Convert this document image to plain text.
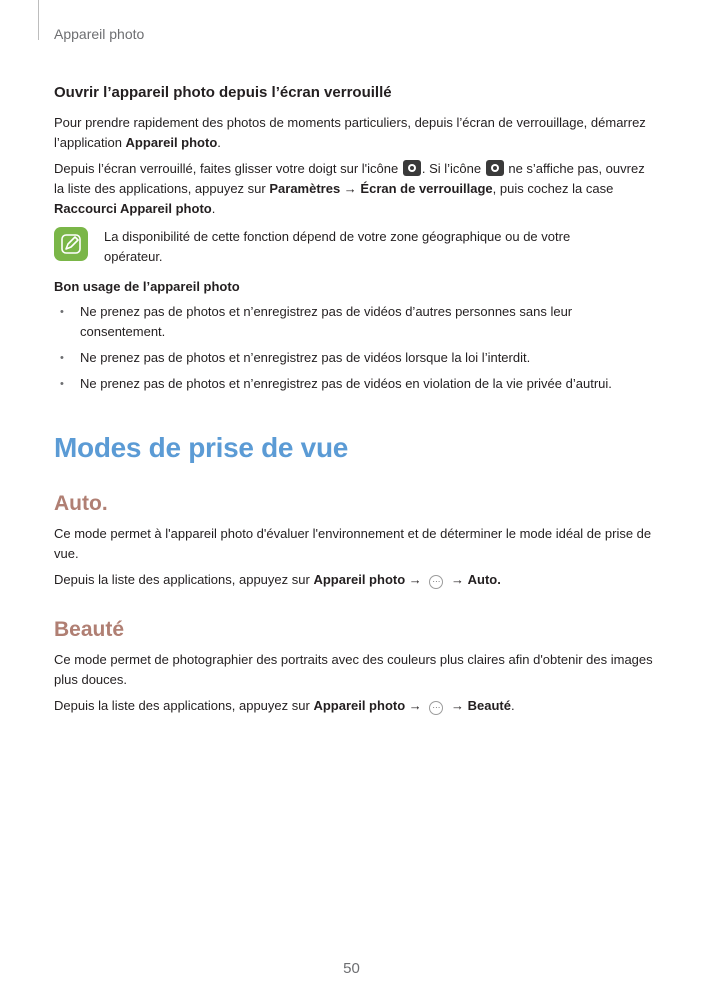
Appareil photo
Ouvrir l’appareil photo depuis l’écran verrouillé

Pour prendre rapidement des photos de moments particuliers, depuis l’écran de verrouillage, démarrez l’application Appareil photo.

Depuis l’écran verrouillé, faites glisser votre doigt sur l'icône . Si l’icône  ne s’affiche pas, ouvrez la liste des applications, appuyez sur Paramètres → Écran de verrouillage, puis cochez la case Raccourci Appareil photo.

La disponibilité de cette fonction dépend de votre zone géographique ou de votre opérateur.
Bon usage de l’appareil photo
• Ne prenez pas de photos et n’enregistrez pas de vidéos d’autres personnes sans leur consentement.
• Ne prenez pas de photos et n’enregistrez pas de vidéos lorsque la loi l’interdit.
• Ne prenez pas de photos et n’enregistrez pas de vidéos en violation de la vie privée d’autrui.
Modes de prise de vue
Auto.

Ce mode permet à l'appareil photo d'évaluer l'environnement et de déterminer le mode idéal de prise de vue.

Depuis la liste des applications, appuyez sur Appareil photo → ··· → Auto.

Beauté

Ce mode permet de photographier des portraits avec des couleurs plus claires afin d'obtenir des images plus douces.

Depuis la liste des applications, appuyez sur Appareil photo → ··· → Beauté.

50
